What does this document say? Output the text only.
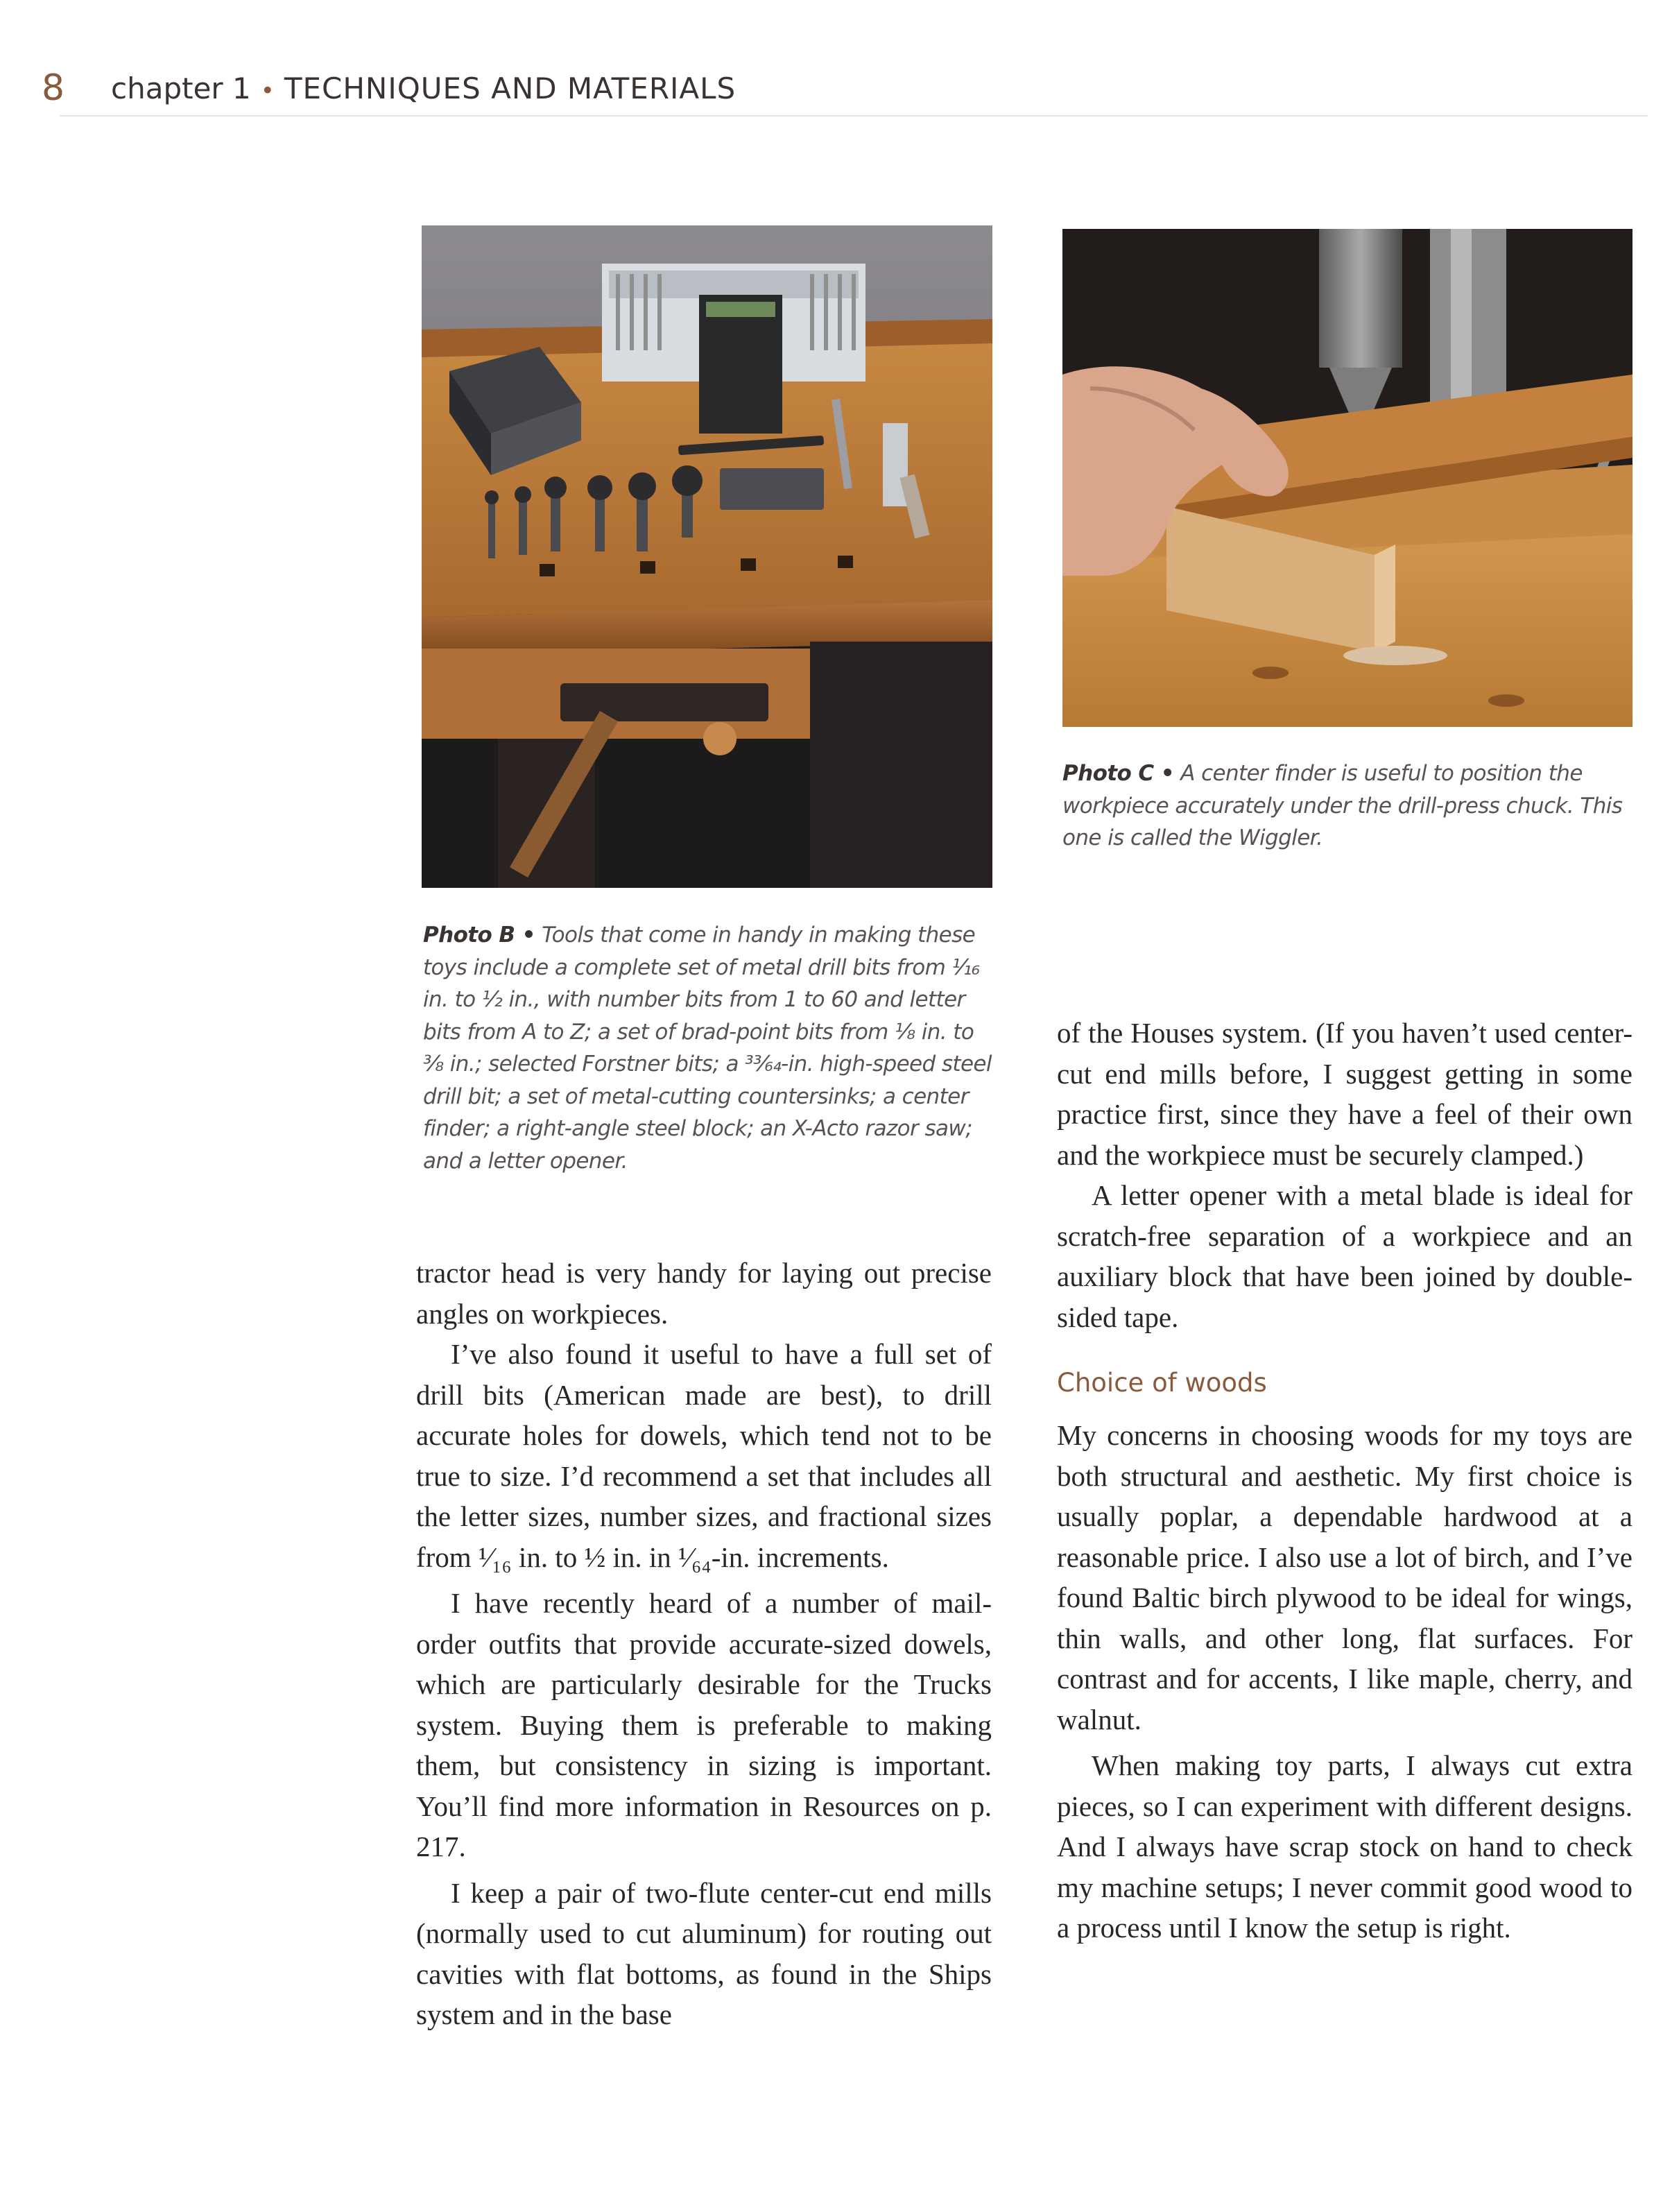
8 chapter 1 • TECHNIQUES AND MATERIALS
Photo C • A center finder is useful to position the workpiece accurately under the drill-press chuck. This one is called the Wiggler.
Photo B • Tools that come in handy in making these toys include a complete set of metal drill bits from ¹⁄₁₆ in. to ½ in., with number bits from 1 to 60 and letter bits from A to Z; a set of brad-point bits from ⅛ in. to ⅜ in.; selected Forstner bits; a ³³⁄₆₄-in. high-speed steel drill bit; a set of metal-cutting countersinks; a center finder; a right-angle steel block; an X-Acto razor saw; and a letter opener.

tractor head is very handy for laying out precise angles on workpieces.

I’ve also found it useful to have a full set of drill bits (American made are best), to drill accurate holes for dowels, which tend not to be true to size. I’d recommend a set that includes all the letter sizes, number sizes, and fractional sizes from ¹⁄₁₆ in. to ½ in. in ¹⁄₆₄-in. increments.

I have recently heard of a number of mail-order outfits that provide accurate-sized dowels, which are particularly desirable for the Trucks system. Buying them is preferable to making them, but consistency in sizing is important. You’ll find more information in Resources on p. 217.

I keep a pair of two-flute center-cut end mills (normally used to cut aluminum) for routing out cavities with flat bottoms, as found in the Ships system and in the base

of the Houses system. (If you haven’t used center-cut end mills before, I suggest getting in some practice first, since they have a feel of their own and the workpiece must be securely clamped.)

A letter opener with a metal blade is ideal for scratch-free separation of a workpiece and an auxiliary block that have been joined by double-sided tape.

Choice of woods

My concerns in choosing woods for my toys are both structural and aesthetic. My first choice is usually poplar, a dependable hardwood at a reasonable price. I also use a lot of birch, and I’ve found Baltic birch plywood to be ideal for wings, thin walls, and other long, flat surfaces. For contrast and for accents, I like maple, cherry, and walnut.

When making toy parts, I always cut extra pieces, so I can experiment with different designs. And I always have scrap stock on hand to check my machine setups; I never commit good wood to a process until I know the setup is right.
